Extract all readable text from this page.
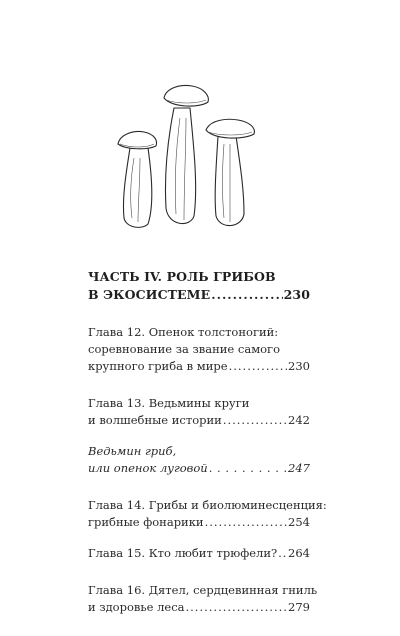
ЧАСТЬ IV. РОЛЬ ГРИБОВ
В ЭКОСИСТЕМЕ .....	230
Глава 12. Опенок толстоногий:
соревнование за звание самого
крупного гриба в мире .....	230
Глава 13. Ведьмины круги
и волшебные истории .....	242
Ведьмин гриб,
или опенок луговой . . .	247
Глава 14. Грибы и биолюминесценция:
грибные фонарики .....	254
Глава 15. Кто любит трюфели? ..... 264
Глава 16. Дятел, сердцевинная гниль
и здоровье леса .....	279
